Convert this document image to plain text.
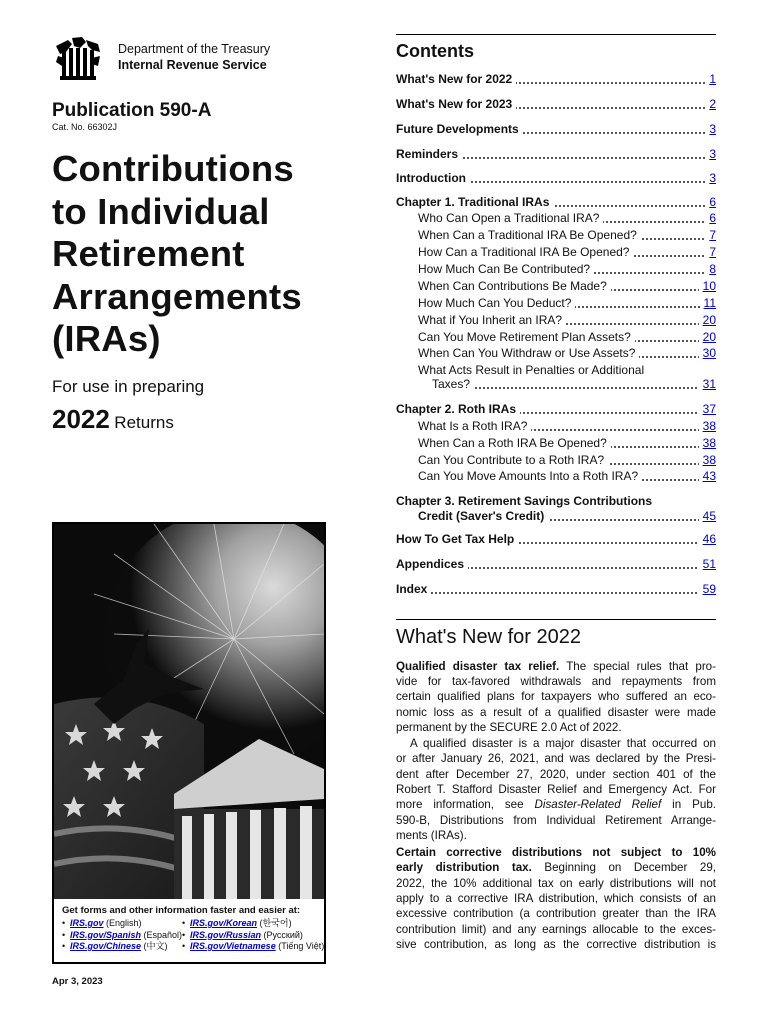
Department of the Treasury
Internal Revenue Service
Publication 590-A
Cat. No. 66302J
Contributions
to Individual
Retirement
Arrangements
(IRAs)
For use in preparing
2022 Returns
Get forms and other information faster and easier at:
• IRS.gov (English)
• IRS.gov/Spanish (Español)
• IRS.gov/Chinese (中文)
• IRS.gov/Korean (한국어)
• IRS.gov/Russian (Русский)
• IRS.gov/Vietnamese (Tiếng Việt)
Apr 3, 2023
Contents
What's New for 2022	1
What's New for 2023	2
Future Developments	3
Reminders	3
Introduction	3
Chapter 1. Traditional IRAs	6
Who Can Open a Traditional IRA?	6
When Can a Traditional IRA Be Opened?	7
How Can a Traditional IRA Be Opened?	7
How Much Can Be Contributed?	8
When Can Contributions Be Made?	10
How Much Can You Deduct?	11
What if You Inherit an IRA?	20
Can You Move Retirement Plan Assets?	20
When Can You Withdraw or Use Assets?	30
What Acts Result in Penalties or Additional
Taxes?	31
Chapter 2. Roth IRAs	37
What Is a Roth IRA?	38
When Can a Roth IRA Be Opened?	38
Can You Contribute to a Roth IRA?	38
Can You Move Amounts Into a Roth IRA?	43
Chapter 3. Retirement Savings Contributions
Credit (Saver's Credit)	45
How To Get Tax Help	46
Appendices	51
Index	59
What's New for 2022
Qualified disaster tax relief. The special rules that pro-
vide for tax-favored withdrawals and repayments from
certain qualified plans for taxpayers who suffered an eco-
nomic loss as a result of a qualified disaster were made
permanent by the SECURE 2.0 Act of 2022.
A qualified disaster is a major disaster that occurred on
or after January 26, 2021, and was declared by the Presi-
dent after December 27, 2020, under section 401 of the
Robert T. Stafford Disaster Relief and Emergency Act. For
more information, see Disaster-Related Relief in Pub.
590-B, Distributions from Individual Retirement Arrange-
ments (IRAs).
Certain corrective distributions not subject to 10%
early distribution tax. Beginning on December 29,
2022, the 10% additional tax on early distributions will not
apply to a corrective IRA distribution, which consists of an
excessive contribution (a contribution greater than the IRA
contribution limit) and any earnings allocable to the exces-
sive contribution, as long as the corrective distribution is
